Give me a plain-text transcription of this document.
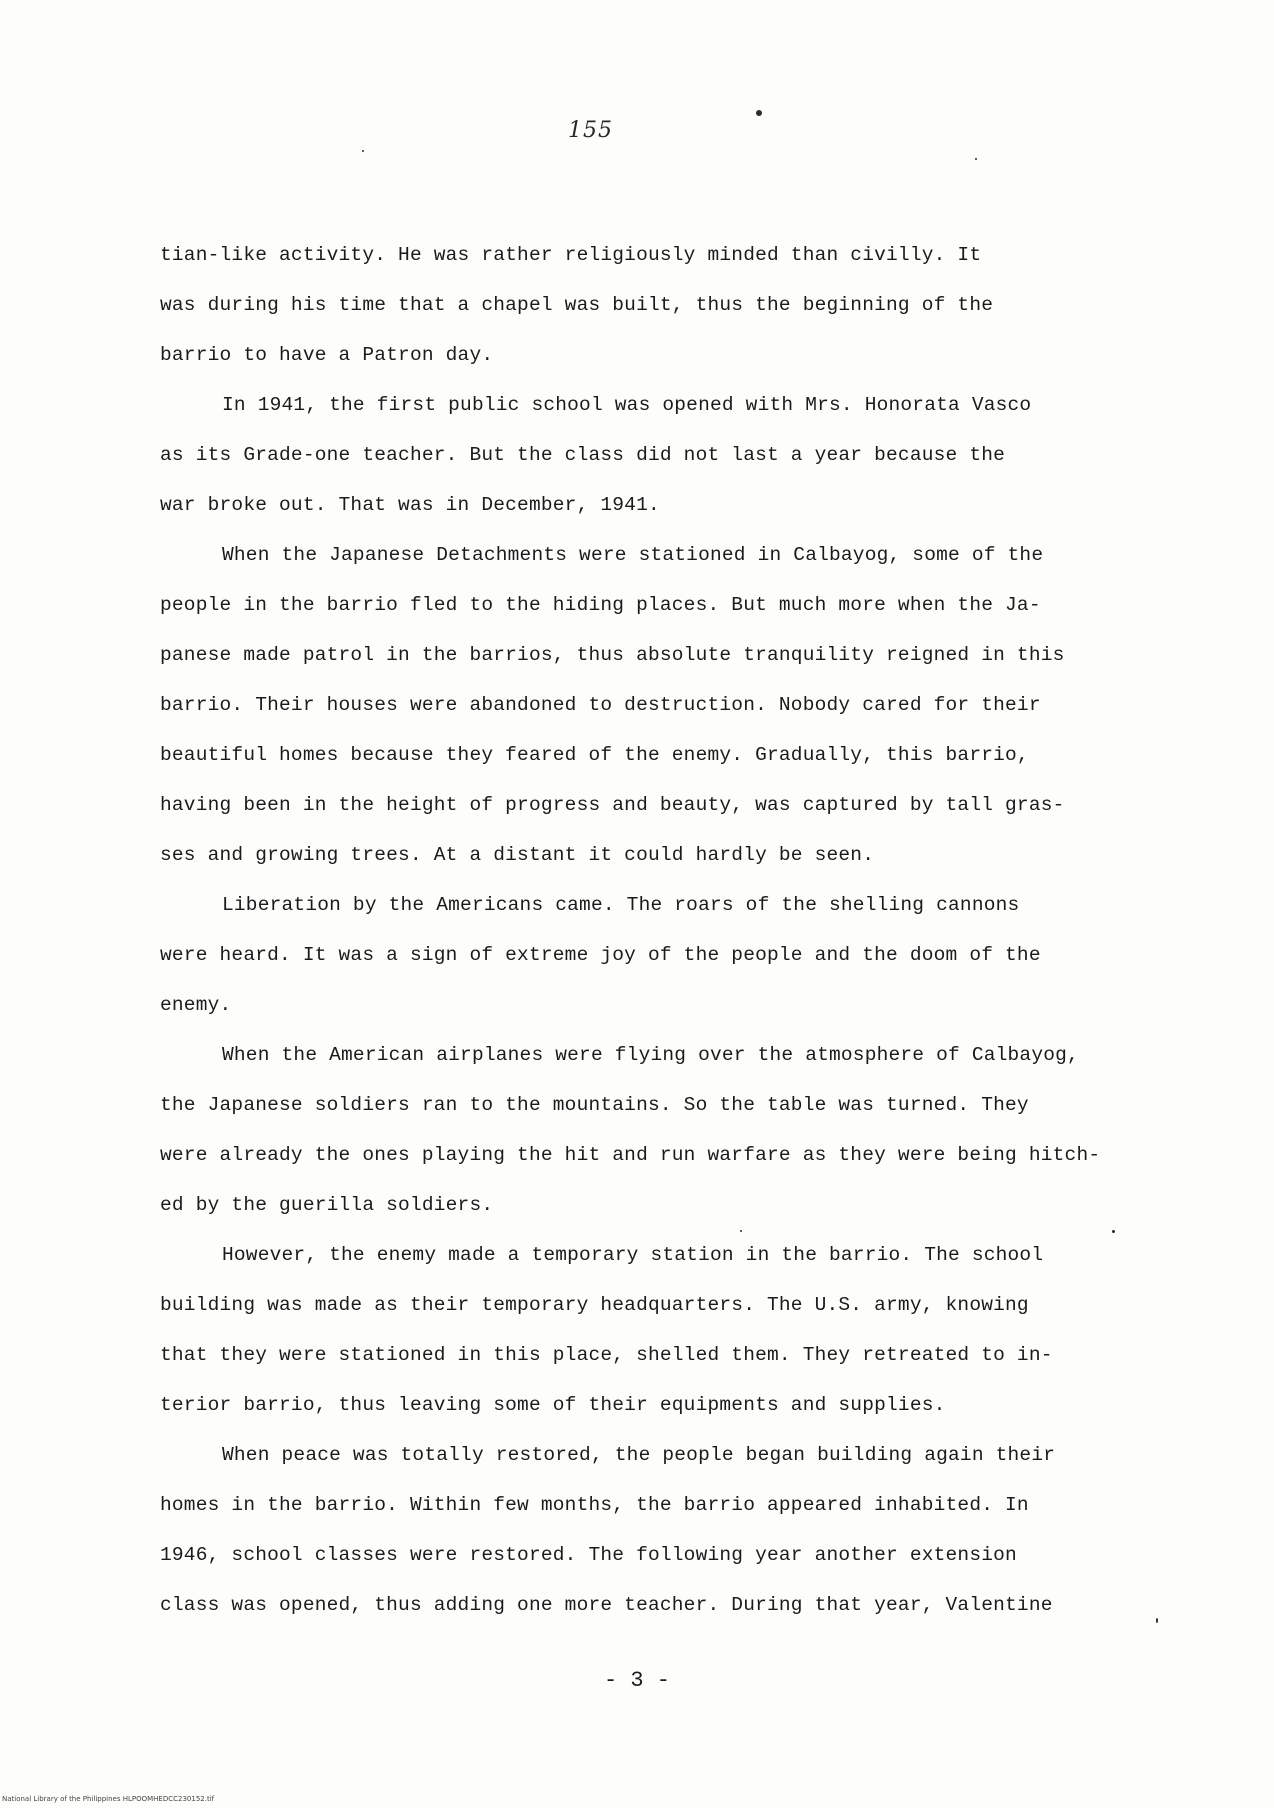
155
tian-like activity. He was rather religiously minded than civilly. It
was during his time that a chapel was built, thus the beginning of the
barrio to have a Patron day.
In 1941, the first public school was opened with Mrs. Honorata Vasco
as its Grade-one teacher. But the class did not last a year because the
war broke out. That was in December, 1941.
When the Japanese Detachments were stationed in Calbayog, some of the
people in the barrio fled to the hiding places. But much more when the Ja-
panese made patrol in the barrios, thus absolute tranquility reigned in this
barrio. Their houses were abandoned to destruction. Nobody cared for their
beautiful homes because they feared of the enemy. Gradually, this barrio,
having been in the height of progress and beauty, was captured by tall gras-
ses and growing trees. At a distant it could hardly be seen.
Liberation by the Americans came. The roars of the shelling cannons
were heard. It was a sign of extreme joy of the people and the doom of the
enemy.
When the American airplanes were flying over the atmosphere of Calbayog,
the Japanese soldiers ran to the mountains. So the table was turned. They
were already the ones playing the hit and run warfare as they were being hitch-
ed by the guerilla soldiers.
However, the enemy made a temporary station in the barrio. The school
building was made as their temporary headquarters. The U.S. army, knowing
that they were stationed in this place, shelled them. They retreated to in-
terior barrio, thus leaving some of their equipments and supplies.
When peace was totally restored, the people began building again their
homes in the barrio. Within few months, the barrio appeared inhabited. In
1946, school classes were restored. The following year another extension
class was opened, thus adding one more teacher. During that year, Valentine
- 3 -
National Library of the Philippines HLPOOMHEDCC230152.tif
